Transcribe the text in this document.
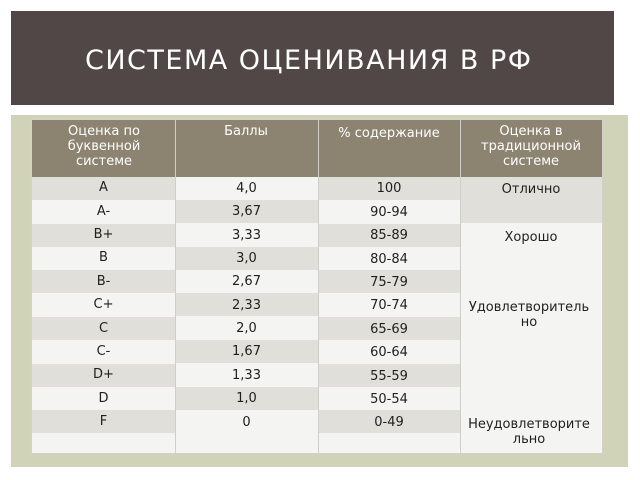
СИСТЕМА ОЦЕНИВАНИЯ В РФ
Оценка по буквенной системе
Баллы	% содержание	Оценка в традиционной системе
A
A-
B+
B
B-
C+
C
C-
D+
D
F
4,0
3,67
3,33
3,0
2,67
2,33
2,0
1,67
1,33
1,0
0
100
90-94
85-89
80-84
75-79
70-74
65-69
60-64
55-59
50-54
0-49
Отлично
Хорошо
Удовлетворительно
Неудовлетворительно
